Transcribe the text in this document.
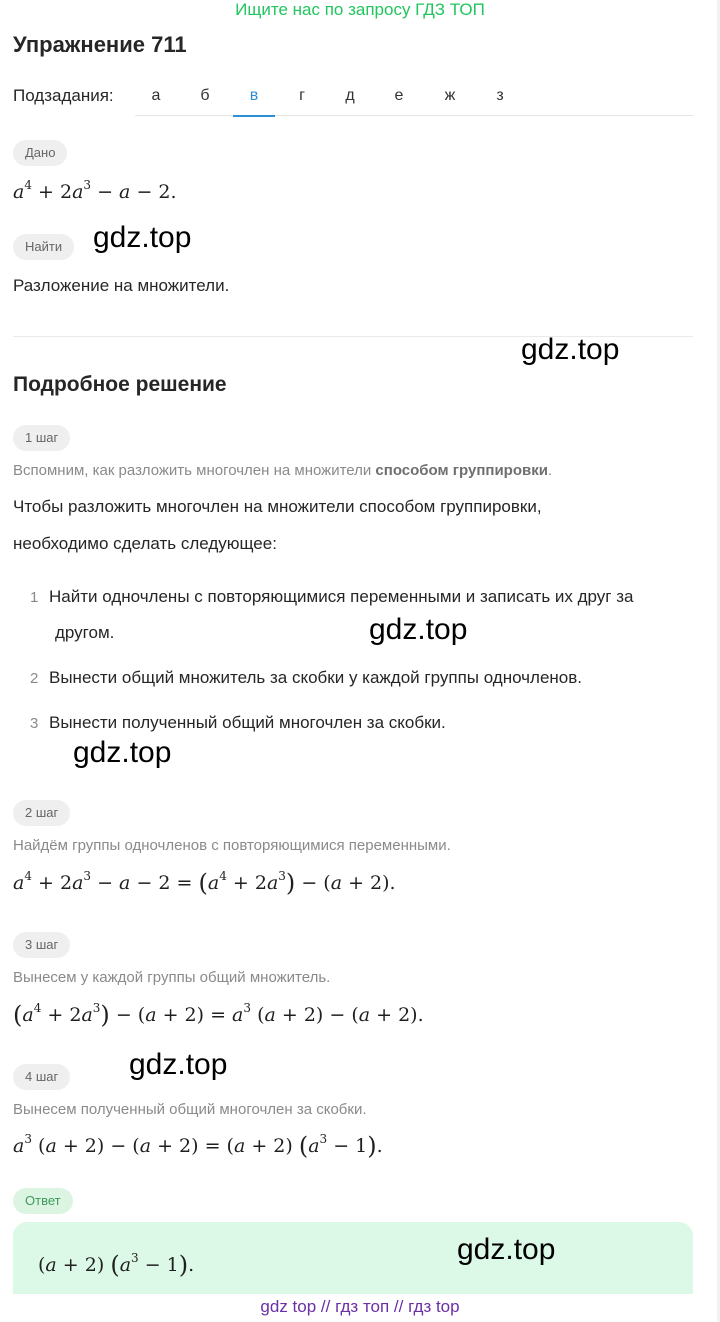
Ищите нас по запросу ГДЗ ТОП
Упражнение 711
Подзадания:	а	б	в	г	д	е	ж	з
Дано
$a^4 + 2a^3 - a - 2$.
Найти	gdz.top
Разложение на множители.
gdz.top
Подробное решение
1 шаг
Вспомним, как разложить многочлен на множители способом группировки.
Чтобы разложить многочлен на множители способом группировки,
необходимо сделать следующее:
1 Найти одночлены с повторяющимися переменными и записать их друг за
другом.	gdz.top
2 Вынести общий множитель за скобки у каждой группы одночленов.
3 Вынести полученный общий многочлен за скобки.
gdz.top
2 шаг
Найдём группы одночленов с повторяющимися переменными.
$a^4 + 2a^3 - a - 2 = (a^4 + 2a^3) - (a + 2)$.
3 шаг
Вынесем у каждой группы общий множитель.
$(a^4 + 2a^3) - (a + 2) = a^3$ (a + 2) − (a + 2).
4 шаг	gdz.top
Вынесем полученный общий многочлен за скобки.
$a^3$ (a + 2) − (a + 2) = (a + 2) $(a^3 - 1)$.
Ответ
(a + 2) $(a^3 - 1)$.	gdz.top
gdz top // гдз топ // гдз top
